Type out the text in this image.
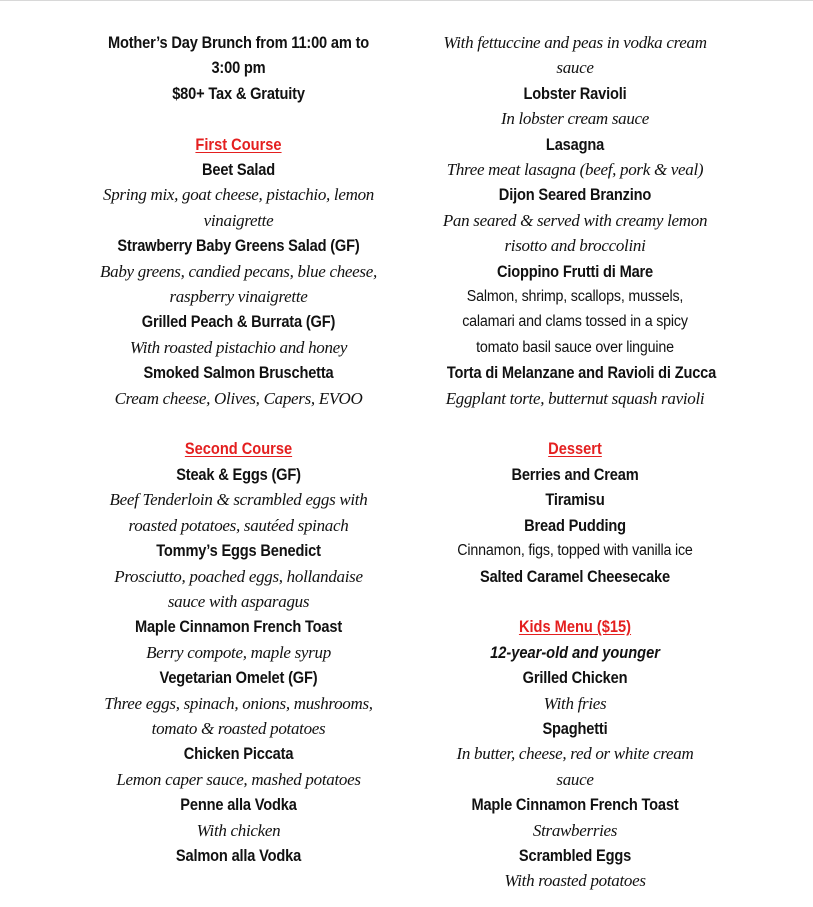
Mother’s Day Brunch from 11:00 am to
3:00 pm
$80+ Tax & Gratuity
First Course
Beet Salad
Spring mix, goat cheese, pistachio, lemon
vinaigrette
Strawberry Baby Greens Salad (GF)
Baby greens, candied pecans, blue cheese,
raspberry vinaigrette
Grilled Peach & Burrata (GF)
With roasted pistachio and honey
Smoked Salmon Bruschetta
Cream cheese, Olives, Capers, EVOO
Second Course
Steak & Eggs (GF)
Beef Tenderloin & scrambled eggs with
roasted potatoes, sautéed spinach
Tommy’s Eggs Benedict
Prosciutto, poached eggs, hollandaise
sauce with asparagus
Maple Cinnamon French Toast
Berry compote, maple syrup
Vegetarian Omelet (GF)
Three eggs, spinach, onions, mushrooms,
tomato & roasted potatoes
Chicken Piccata
Lemon caper sauce, mashed potatoes
Penne alla Vodka
With chicken
Salmon alla Vodka
With fettuccine and peas in vodka cream
sauce
Lobster Ravioli
In lobster cream sauce
Lasagna
Three meat lasagna (beef, pork & veal)
Dijon Seared Branzino
Pan seared & served with creamy lemon
risotto and broccolini
Cioppino Frutti di Mare
Salmon, shrimp, scallops, mussels,
calamari and clams tossed in a spicy
tomato basil sauce over linguine
Torta di Melanzane and Ravioli di Zucca
Eggplant torte, butternut squash ravioli
Dessert
Berries and Cream
Tiramisu
Bread Pudding
Cinnamon, figs, topped with vanilla ice
Salted Caramel Cheesecake
Kids Menu ($15)
12-year-old and younger
Grilled Chicken
With fries
Spaghetti
In butter, cheese, red or white cream
sauce
Maple Cinnamon French Toast
Strawberries
Scrambled Eggs
With roasted potatoes
